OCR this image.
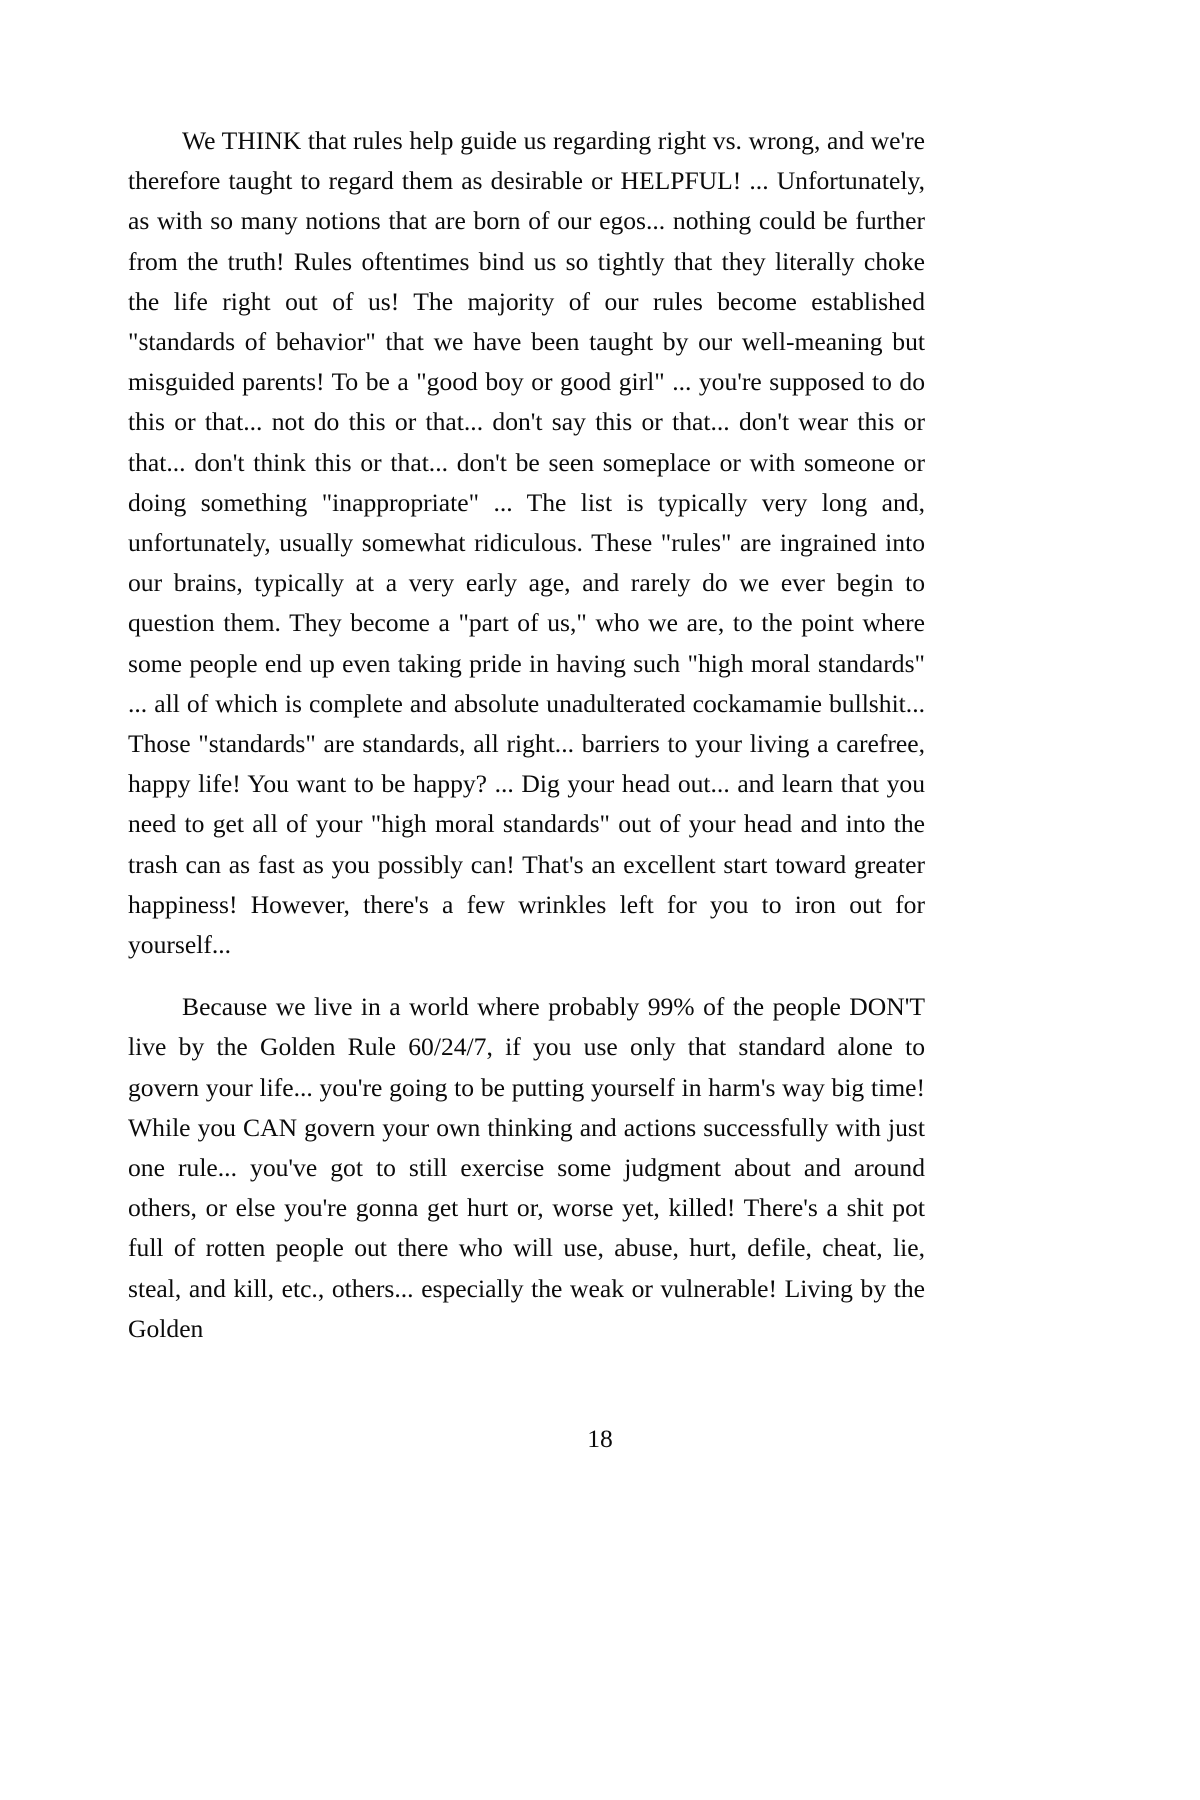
We THINK that rules help guide us regarding right vs. wrong, and we're therefore taught to regard them as desirable or HELPFUL! ... Unfortunately, as with so many notions that are born of our egos... nothing could be further from the truth! Rules oftentimes bind us so tightly that they literally choke the life right out of us! The majority of our rules become established "standards of behavior" that we have been taught by our well-meaning but misguided parents! To be a "good boy or good girl" ... you're supposed to do this or that... not do this or that... don't say this or that... don't wear this or that... don't think this or that... don't be seen someplace or with someone or doing something "inappropriate" ... The list is typically very long and, unfortunately, usually somewhat ridiculous. These "rules" are ingrained into our brains, typically at a very early age, and rarely do we ever begin to question them. They become a "part of us," who we are, to the point where some people end up even taking pride in having such "high moral standards" ... all of which is complete and absolute unadulterated cockamamie bullshit... Those "standards" are standards, all right... barriers to your living a carefree, happy life! You want to be happy? ... Dig your head out... and learn that you need to get all of your "high moral standards" out of your head and into the trash can as fast as you possibly can! That's an excellent start toward greater happiness! However, there's a few wrinkles left for you to iron out for yourself...

Because we live in a world where probably 99% of the people DON'T live by the Golden Rule 60/24/7, if you use only that standard alone to govern your life... you're going to be putting yourself in harm's way big time! While you CAN govern your own thinking and actions successfully with just one rule... you've got to still exercise some judgment about and around others, or else you're gonna get hurt or, worse yet, killed! There's a shit pot full of rotten people out there who will use, abuse, hurt, defile, cheat, lie, steal, and kill, etc., others... especially the weak or vulnerable! Living by the Golden

18
